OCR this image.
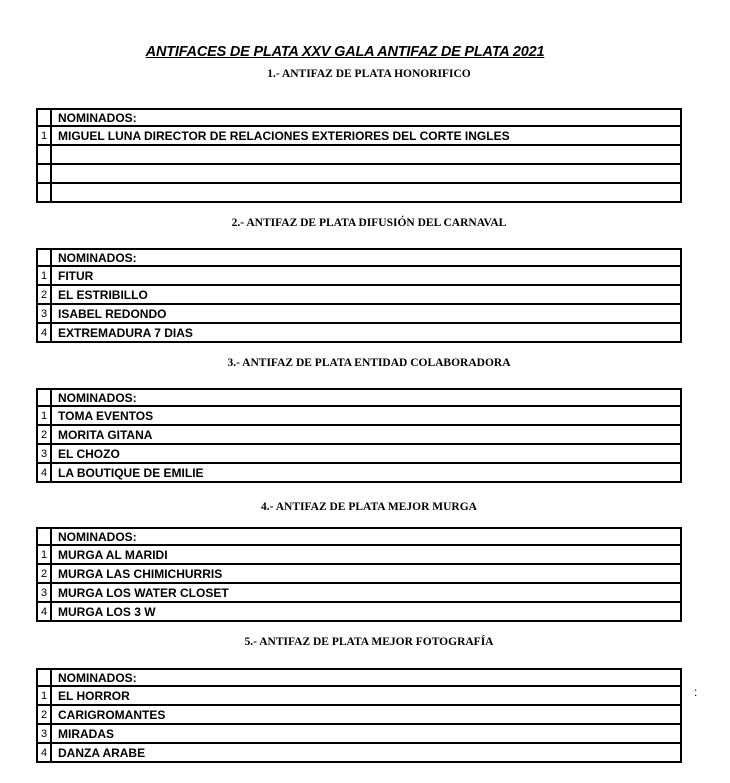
ANTIFACES DE PLATA XXV GALA ANTIFAZ DE PLATA 2021
1.- ANTIFAZ DE PLATA HONORIFICO
	NOMINADOS:
1	MIGUEL LUNA DIRECTOR DE RELACIONES EXTERIORES DEL CORTE INGLES

2.- ANTIFAZ DE PLATA DIFUSIÓN DEL CARNAVAL
	NOMINADOS:
1	FITUR
2	EL ESTRIBILLO
3	ISABEL REDONDO
4	EXTREMADURA 7 DIAS
3.- ANTIFAZ DE PLATA ENTIDAD COLABORADORA
	NOMINADOS:
1	TOMA EVENTOS
2	MORITA GITANA
3	EL CHOZO
4	LA BOUTIQUE DE EMILIE
4.- ANTIFAZ DE PLATA MEJOR MURGA
	NOMINADOS:
1	MURGA AL MARIDI
2	MURGA LAS CHIMICHURRIS
3	MURGA LOS WATER CLOSET
4	MURGA LOS 3 W
5.- ANTIFAZ DE PLATA MEJOR FOTOGRAFÍA
	NOMINADOS:
1	EL HORROR
2	CARIGROMANTES
3	MIRADAS
4	DANZA ARABE
:
